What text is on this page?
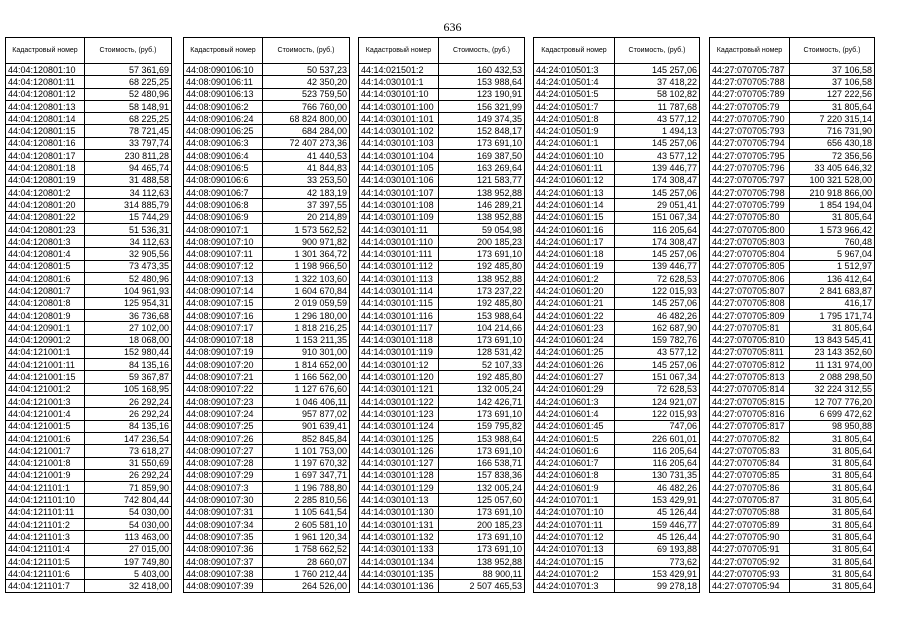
636
Кадастровый номер	Стоимость, (руб.)
44:04:120801:10	57 361,69
44:04:120801:11	68 225,25
44:04:120801:12	52 480,96
44:04:120801:13	58 148,91
44:04:120801:14	68 225,25
44:04:120801:15	78 721,45
44:04:120801:16	33 797,74
44:04:120801:17	230 811,28
44:04:120801:18	94 465,74
44:04:120801:19	31 488,58
44:04:120801:2	34 112,63
44:04:120801:20	314 885,79
44:04:120801:22	15 744,29
44:04:120801:23	51 536,31
44:04:120801:3	34 112,63
44:04:120801:4	32 905,56
44:04:120801:5	73 473,35
44:04:120801:6	52 480,96
44:04:120801:7	104 961,93
44:04:120801:8	125 954,31
44:04:120801:9	36 736,68
44:04:120901:1	27 102,00
44:04:120901:2	18 068,00
44:04:121001:1	152 980,44
44:04:121001:11	84 135,16
44:04:121001:15	59 367,87
44:04:121001:2	105 168,95
44:04:121001:3	26 292,24
44:04:121001:4	26 292,24
44:04:121001:5	84 135,16
44:04:121001:6	147 236,54
44:04:121001:7	73 618,27
44:04:121001:8	31 550,69
44:04:121001:9	26 292,24
44:04:121101:1	71 859,90
44:04:121101:10	742 804,44
44:04:121101:11	54 030,00
44:04:121101:2	54 030,00
44:04:121101:3	113 463,00
44:04:121101:4	27 015,00
44:04:121101:5	197 749,80
44:04:121101:6	5 403,00
44:04:121101:7	32 418,00
Кадастровый номер	Стоимость, (руб.)
44:08:090106:10	50 537,23
44:08:090106:11	42 350,20
44:08:090106:13	523 759,50
44:08:090106:2	766 760,00
44:08:090106:24	68 824 800,00
44:08:090106:25	684 284,00
44:08:090106:3	72 407 273,36
44:08:090106:4	41 440,53
44:08:090106:5	41 844,83
44:08:090106:6	33 253,50
44:08:090106:7	42 183,19
44:08:090106:8	37 397,55
44:08:090106:9	20 214,89
44:08:090107:1	1 573 562,52
44:08:090107:10	900 971,82
44:08:090107:11	1 301 364,72
44:08:090107:12	1 198 966,50
44:08:090107:13	1 322 103,60
44:08:090107:14	1 604 670,84
44:08:090107:15	2 019 059,59
44:08:090107:16	1 296 180,00
44:08:090107:17	1 818 216,25
44:08:090107:18	1 153 211,35
44:08:090107:19	910 301,00
44:08:090107:20	1 814 652,00
44:08:090107:21	1 166 562,00
44:08:090107:22	1 127 676,60
44:08:090107:23	1 046 406,11
44:08:090107:24	957 877,02
44:08:090107:25	901 639,41
44:08:090107:26	852 845,84
44:08:090107:27	1 101 753,00
44:08:090107:28	1 197 670,32
44:08:090107:29	1 697 347,71
44:08:090107:3	1 196 788,80
44:08:090107:30	2 285 810,56
44:08:090107:31	1 105 641,54
44:08:090107:34	2 605 581,10
44:08:090107:35	1 961 120,34
44:08:090107:36	1 758 662,52
44:08:090107:37	28 660,07
44:08:090107:38	1 760 212,44
44:08:090107:39	264 526,00
Кадастровый номер	Стоимость, (руб.)
44:14:021501:2	160 432,53
44:14:030101:1	153 988,64
44:14:030101:10	123 190,91
44:14:030101:100	156 321,99
44:14:030101:101	149 374,35
44:14:030101:102	152 848,17
44:14:030101:103	173 691,10
44:14:030101:104	169 387,50
44:14:030101:105	163 269,64
44:14:030101:106	121 583,77
44:14:030101:107	138 952,88
44:14:030101:108	146 289,21
44:14:030101:109	138 952,88
44:14:030101:11	59 054,98
44:14:030101:110	200 185,23
44:14:030101:111	173 691,10
44:14:030101:112	192 485,80
44:14:030101:113	138 952,88
44:14:030101:114	173 237,22
44:14:030101:115	192 485,80
44:14:030101:116	153 988,64
44:14:030101:117	104 214,66
44:14:030101:118	173 691,10
44:14:030101:119	128 531,42
44:14:030101:12	52 107,33
44:14:030101:120	192 485,80
44:14:030101:121	132 005,24
44:14:030101:122	142 426,71
44:14:030101:123	173 691,10
44:14:030101:124	159 795,82
44:14:030101:125	153 988,64
44:14:030101:126	173 691,10
44:14:030101:127	166 538,71
44:14:030101:128	157 838,36
44:14:030101:129	132 005,24
44:14:030101:13	125 057,60
44:14:030101:130	173 691,10
44:14:030101:131	200 185,23
44:14:030101:132	173 691,10
44:14:030101:133	173 691,10
44:14:030101:134	138 952,88
44:14:030101:135	88 900,11
44:14:030101:136	2 507 465,53
Кадастровый номер	Стоимость, (руб.)
44:24:010501:3	145 257,06
44:24:010501:4	37 418,22
44:24:010501:5	58 102,82
44:24:010501:7	11 787,68
44:24:010501:8	43 577,12
44:24:010501:9	1 494,13
44:24:010601:1	145 257,06
44:24:010601:10	43 577,12
44:24:010601:11	139 446,77
44:24:010601:12	174 308,47
44:24:010601:13	145 257,06
44:24:010601:14	29 051,41
44:24:010601:15	151 067,34
44:24:010601:16	116 205,64
44:24:010601:17	174 308,47
44:24:010601:18	145 257,06
44:24:010601:19	139 446,77
44:24:010601:2	72 628,53
44:24:010601:20	122 015,93
44:24:010601:21	145 257,06
44:24:010601:22	46 482,26
44:24:010601:23	162 687,90
44:24:010601:24	159 782,76
44:24:010601:25	43 577,12
44:24:010601:26	145 257,06
44:24:010601:27	151 067,34
44:24:010601:29	72 628,53
44:24:010601:3	124 921,07
44:24:010601:4	122 015,93
44:24:010601:45	747,06
44:24:010601:5	226 601,01
44:24:010601:6	116 205,64
44:24:010601:7	116 205,64
44:24:010601:8	130 731,35
44:24:010601:9	46 482,26
44:24:010701:1	153 429,91
44:24:010701:10	45 126,44
44:24:010701:11	159 446,77
44:24:010701:12	45 126,44
44:24:010701:13	69 193,88
44:24:010701:15	773,62
44:24:010701:2	153 429,91
44:24:010701:3	99 278,18
Кадастровый номер	Стоимость, (руб.)
44:27:070705:787	37 106,58
44:27:070705:788	37 106,58
44:27:070705:789	127 222,56
44:27:070705:79	31 805,64
44:27:070705:790	7 220 315,14
44:27:070705:793	716 731,90
44:27:070705:794	656 430,18
44:27:070705:795	72 356,56
44:27:070705:796	33 405 646,32
44:27:070705:797	100 321 528,00
44:27:070705:798	210 918 866,00
44:27:070705:799	1 854 194,04
44:27:070705:80	31 805,64
44:27:070705:800	1 573 966,42
44:27:070705:803	760,48
44:27:070705:804	5 967,04
44:27:070705:805	1 512,97
44:27:070705:806	136 412,64
44:27:070705:807	2 841 683,87
44:27:070705:808	416,17
44:27:070705:809	1 795 171,74
44:27:070705:81	31 805,64
44:27:070705:810	13 843 545,41
44:27:070705:811	23 143 352,60
44:27:070705:812	11 131 974,00
44:27:070705:813	2 088 298,50
44:27:070705:814	32 224 312,55
44:27:070705:815	12 707 776,20
44:27:070705:816	6 699 472,62
44:27:070705:817	98 950,88
44:27:070705:82	31 805,64
44:27:070705:83	31 805,64
44:27:070705:84	31 805,64
44:27:070705:85	31 805,64
44:27:070705:86	31 805,64
44:27:070705:87	31 805,64
44:27:070705:88	31 805,64
44:27:070705:89	31 805,64
44:27:070705:90	31 805,64
44:27:070705:91	31 805,64
44:27:070705:92	31 805,64
44:27:070705:93	31 805,64
44:27:070705:94	31 805,64
